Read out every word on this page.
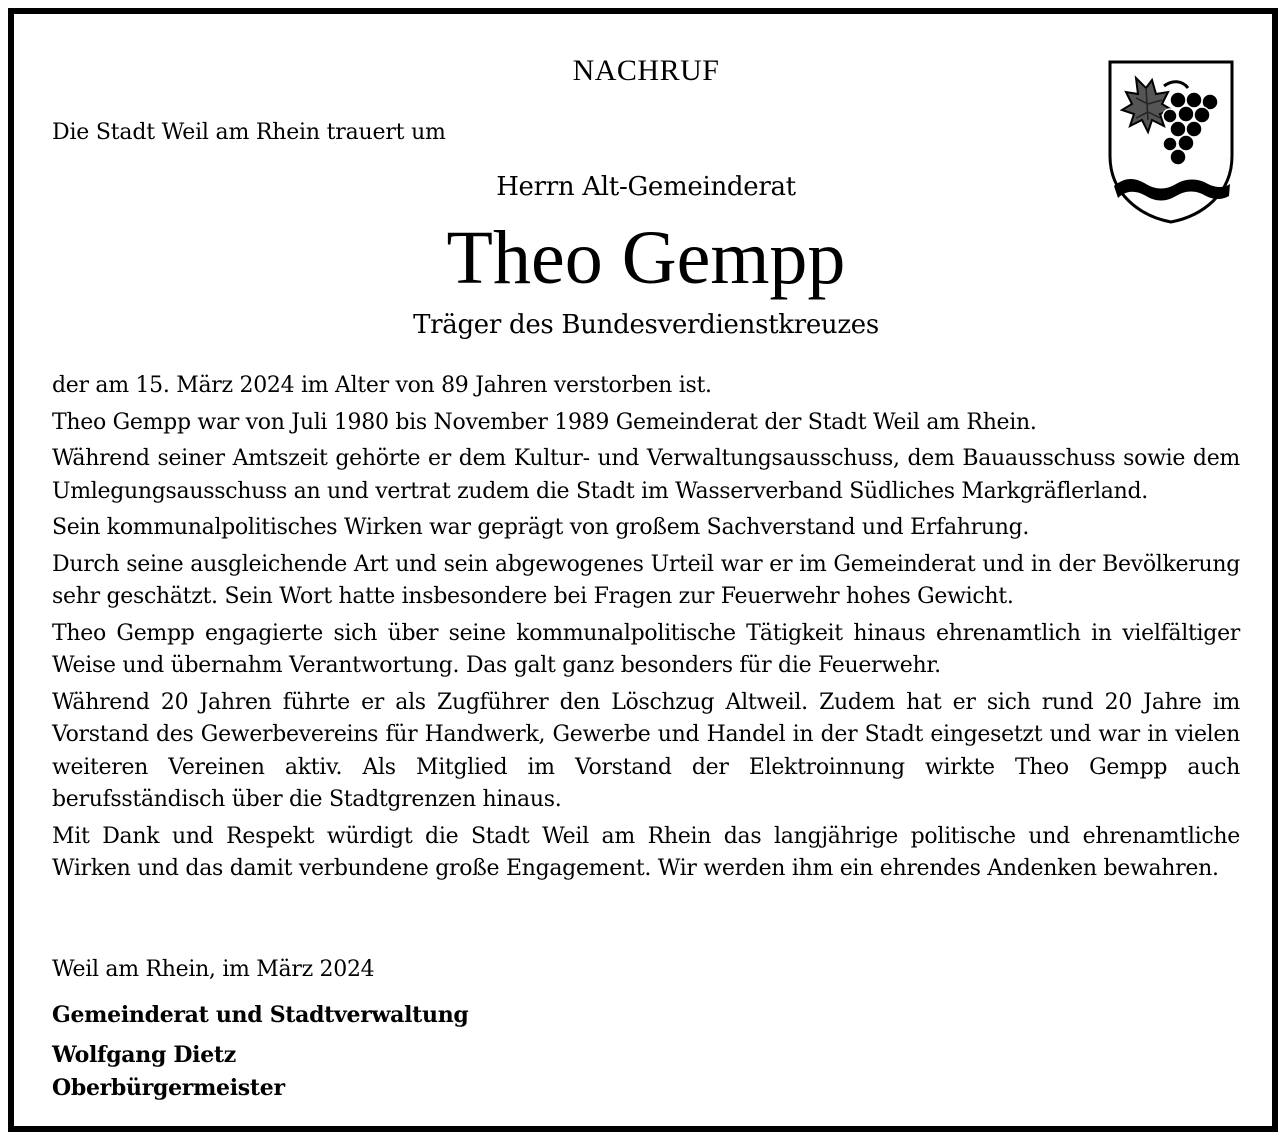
NACHRUF
Die Stadt Weil am Rhein trauert um
Herrn Alt-Gemeinderat
Theo Gempp
Träger des Bundesverdienstkreuzes

der am 15. März 2024 im Alter von 89 Jahren verstorben ist.

Theo Gempp war von Juli 1980 bis November 1989 Gemeinderat der Stadt Weil am Rhein.

Während seiner Amtszeit gehörte er dem Kultur- und Verwaltungsausschuss, dem Bauausschuss sowie dem Umlegungsausschuss an und vertrat zudem die Stadt im Wasserverband Südliches Markgräflerland.

Sein kommunalpolitisches Wirken war geprägt von großem Sachverstand und Erfahrung.

Durch seine ausgleichende Art und sein abgewogenes Urteil war er im Gemeinderat und in der Bevölkerung sehr geschätzt. Sein Wort hatte insbesondere bei Fragen zur Feuerwehr hohes Gewicht.

Theo Gempp engagierte sich über seine kommunalpolitische Tätigkeit hinaus ehrenamtlich in vielfältiger Weise und übernahm Verantwortung. Das galt ganz besonders für die Feuerwehr.

Während 20 Jahren führte er als Zugführer den Löschzug Altweil. Zudem hat er sich rund 20 Jahre im Vorstand des Gewerbevereins für Handwerk, Gewerbe und Handel in der Stadt eingesetzt und war in vielen weiteren Vereinen aktiv. Als Mitglied im Vorstand der Elektroinnung wirkte Theo Gempp auch berufsständisch über die Stadtgrenzen hinaus.

Mit Dank und Respekt würdigt die Stadt Weil am Rhein das langjährige politische und ehrenamtliche Wirken und das damit verbundene große Engagement. Wir werden ihm ein ehrendes Andenken bewahren.

Weil am Rhein, im März 2024
Gemeinderat und Stadtverwaltung
Wolfgang Dietz
Oberbürgermeister
